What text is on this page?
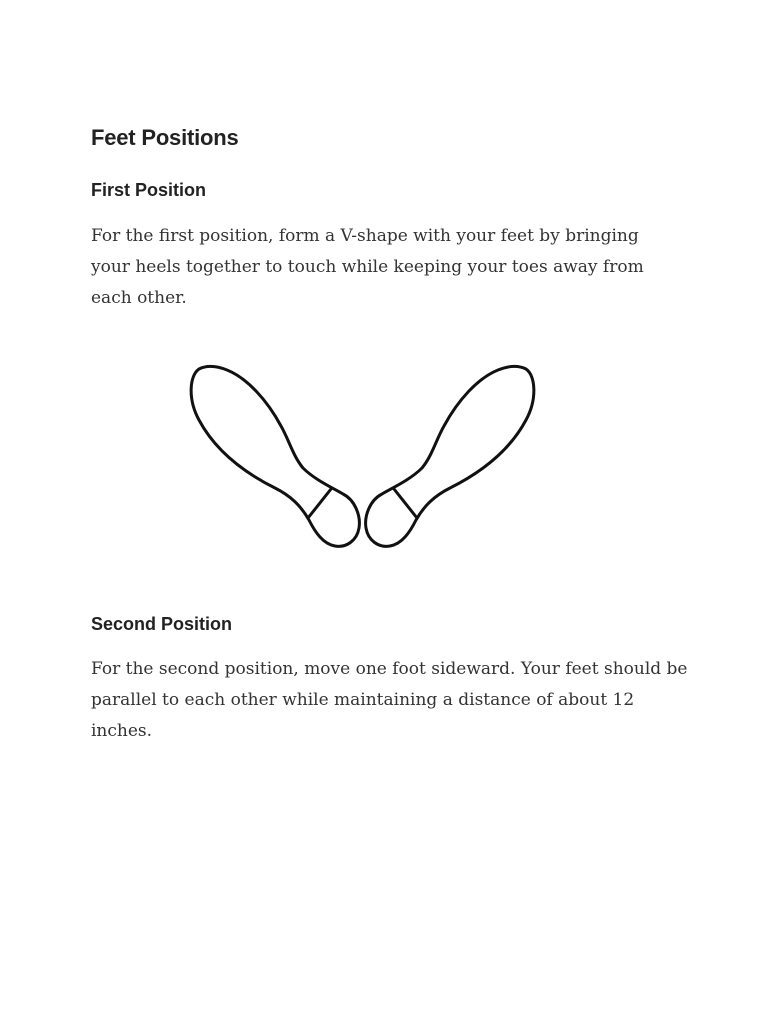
Feet Positions
First Position

For the first position, form a V-shape with your feet by bringing your heels together to touch while keeping your toes away from each other.

Second Position

For the second position, move one foot sideward. Your feet should be parallel to each other while maintaining a distance of about 12 inches.
